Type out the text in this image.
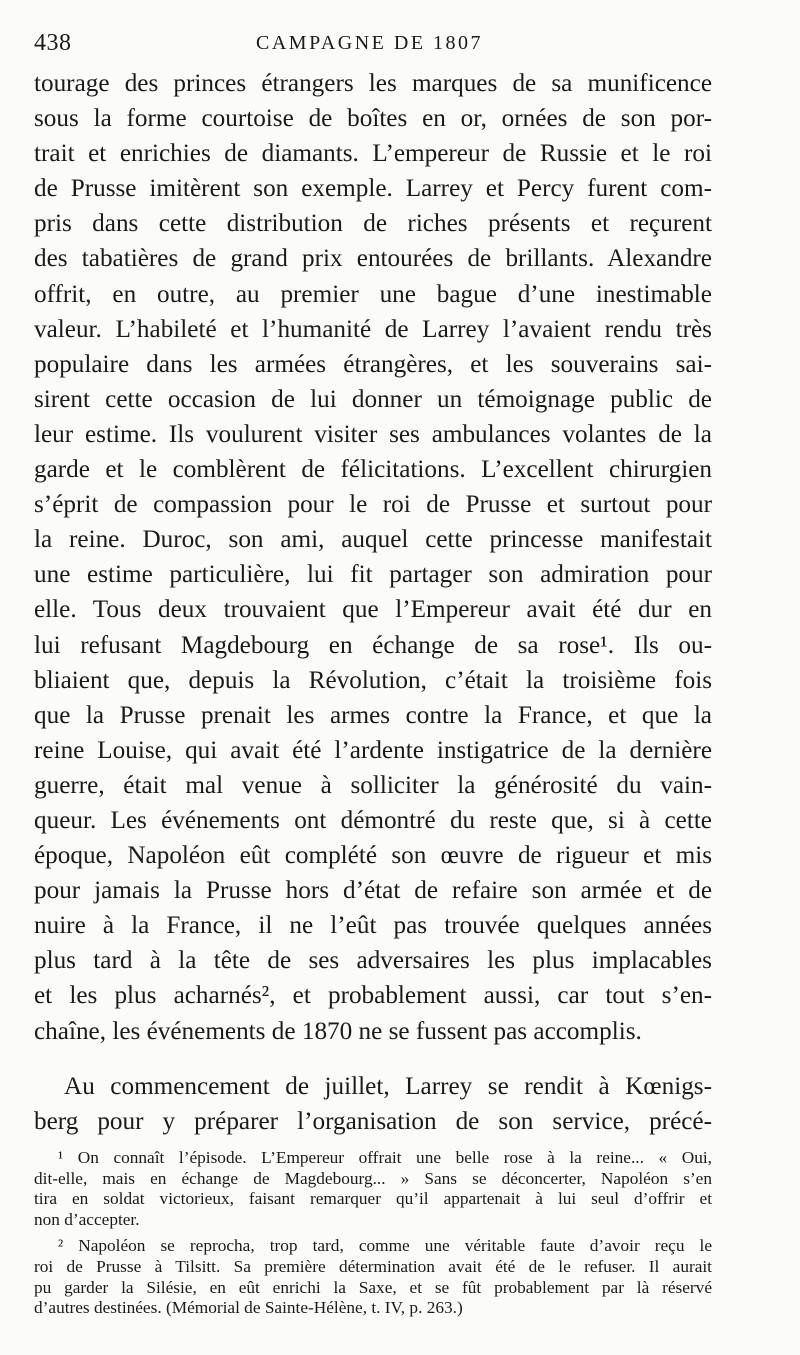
438	CAMPAGNE DE 1807
tourage des princes étrangers les marques de sa munificence
sous la forme courtoise de boîtes en or, ornées de son por-
trait et enrichies de diamants. L’empereur de Russie et le roi
de Prusse imitèrent son exemple. Larrey et Percy furent com-
pris dans cette distribution de riches présents et reçurent
des tabatières de grand prix entourées de brillants. Alexandre
offrit, en outre, au premier une bague d’une inestimable
valeur. L’habileté et l’humanité de Larrey l’avaient rendu très
populaire dans les armées étrangères, et les souverains sai-
sirent cette occasion de lui donner un témoignage public de
leur estime. Ils voulurent visiter ses ambulances volantes de la
garde et le comblèrent de félicitations. L’excellent chirurgien
s’éprit de compassion pour le roi de Prusse et surtout pour
la reine. Duroc, son ami, auquel cette princesse manifestait
une estime particulière, lui fit partager son admiration pour
elle. Tous deux trouvaient que l’Empereur avait été dur en
lui refusant Magdebourg en échange de sa rose¹. Ils ou-
bliaient que, depuis la Révolution, c’était la troisième fois
que la Prusse prenait les armes contre la France, et que la
reine Louise, qui avait été l’ardente instigatrice de la dernière
guerre, était mal venue à solliciter la générosité du vain-
queur. Les événements ont démontré du reste que, si à cette
époque, Napoléon eût complété son œuvre de rigueur et mis
pour jamais la Prusse hors d’état de refaire son armée et de
nuire à la France, il ne l’eût pas trouvée quelques années
plus tard à la tête de ses adversaires les plus implacables
et les plus acharnés², et probablement aussi, car tout s’en-
chaîne, les événements de 1870 ne se fussent pas accomplis.
Au commencement de juillet, Larrey se rendit à Kœnigs-
berg pour y préparer l’organisation de son service, précé-
¹ On connaît l’épisode. L’Empereur offrait une belle rose à la reine... « Oui,
dit-elle, mais en échange de Magdebourg... » Sans se déconcerter, Napoléon s’en
tira en soldat victorieux, faisant remarquer qu’il appartenait à lui seul d’offrir et
non d’accepter.
² Napoléon se reprocha, trop tard, comme une véritable faute d’avoir reçu le
roi de Prusse à Tilsitt. Sa première détermination avait été de le refuser. Il aurait
pu garder la Silésie, en eût enrichi la Saxe, et se fût probablement par là réservé
d’autres destinées. (Mémorial de Sainte-Hélène, t. IV, p. 263.)
